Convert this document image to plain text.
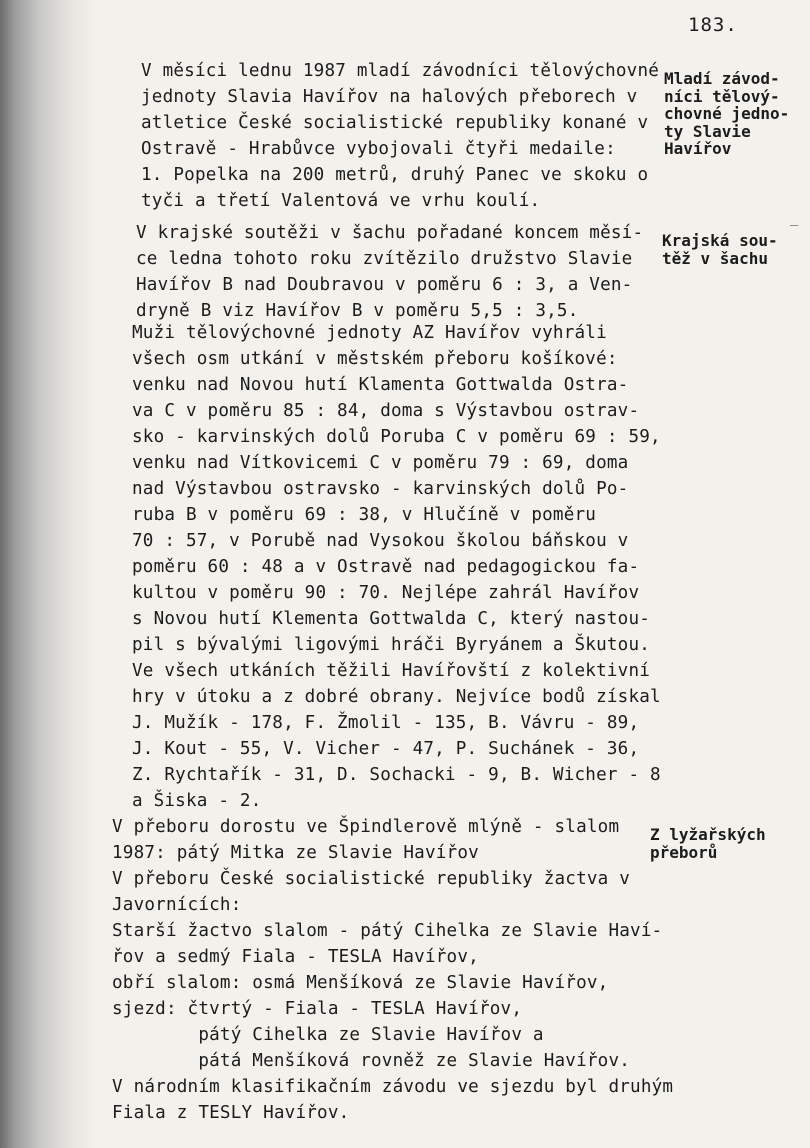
183.
V měsíci lednu 1987 mladí závodníci tělovýchovné
jednoty Slavia Havířov na halových přeborech v
atletice České socialistické republiky konané v
Ostravě - Hrabůvce vybojovali čtyři medaile:
1. Popelka na 200 metrů, druhý Panec ve skoku o
tyči a třetí Valentová ve vrhu koulí.
Mladí závod-
níci tělový-
chovné jedno-
ty Slavie
Havířov
V krajské soutěži v šachu pořadané koncem měsí-
ce ledna tohoto roku zvítězilo družstvo Slavie
Havířov B nad Doubravou v poměru 6 : 3, a Ven-
dryně B viz Havířov B v poměru 5,5 : 3,5.
Krajská sou-
těž v šachu
_
Muži tělovýchovné jednoty AZ Havířov vyhráli
všech osm utkání v městském přeboru košíkové:
venku nad Novou hutí Klamenta Gottwalda Ostra-
va C v poměru 85 : 84, doma s Výstavbou ostrav-
sko - karvinských dolů Poruba C v poměru 69 : 59,
venku nad Vítkovicemi C v poměru 79 : 69, doma
nad Výstavbou ostravsko - karvinských dolů Po-
ruba B v poměru 69 : 38, v Hlučíně v poměru
70 : 57, v Porubě nad Vysokou školou báňskou v
poměru 60 : 48 a v Ostravě nad pedagogickou fa-
kultou v poměru 90 : 70. Nejlépe zahrál Havířov
s Novou hutí Klementa Gottwalda C, který nastou-
pil s bývalými ligovými hráči Byryánem a Škutou.
Ve všech utkáních těžili Havířovští z kolektivní
hry v útoku a z dobré obrany. Nejvíce bodů získal
J. Mužík - 178, F. Žmolil - 135, B. Vávru - 89,
J. Kout - 55, V. Vicher - 47, P. Suchánek - 36,
Z. Rychtařík - 31, D. Sochacki - 9, B. Wicher - 8
a Šiska - 2.
V přeboru dorostu ve Špindlerově mlýně - slalom
1987: pátý Mitka ze Slavie Havířov
V přeboru České socialistické republiky žactva v
Javornících:
Starší žactvo slalom - pátý Cihelka ze Slavie Haví-
řov a sedmý Fiala - TESLA Havířov,
obří slalom: osmá Menšíková ze Slavie Havířov,
sjezd: čtvrtý - Fiala - TESLA Havířov,
pátý Cihelka ze Slavie Havířov a
pátá Menšíková rovněž ze Slavie Havířov.
V národním klasifikačním závodu ve sjezdu byl druhým
Fiala z TESLY Havířov.
Z lyžařských
přeborů
